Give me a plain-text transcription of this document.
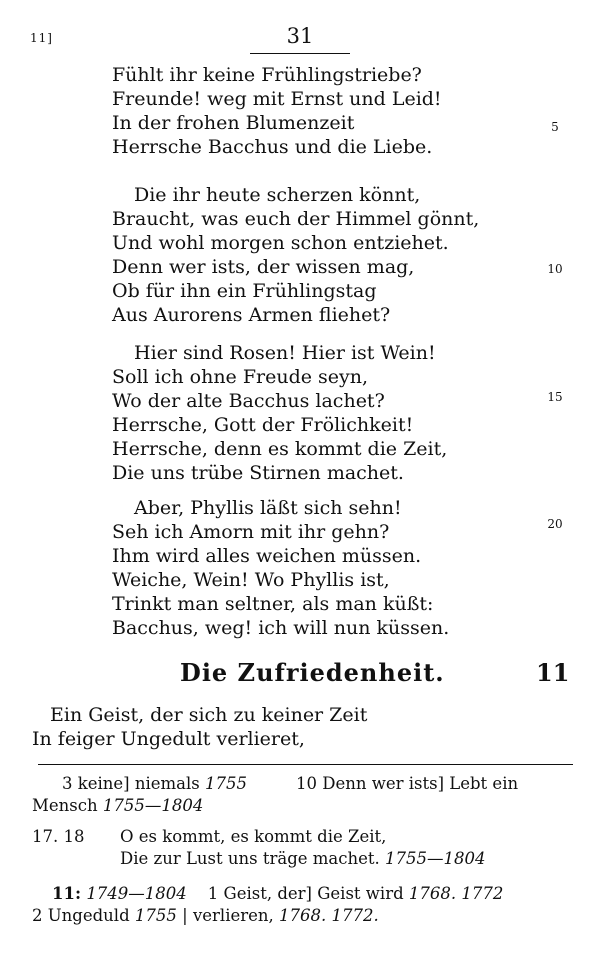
11]	31
Fühlt ihr keine Frühlingstriebe?
Freunde! weg mit Ernst und Leid!
In der frohen Blumenzeit
Herrsche Bacchus und die Liebe.
Die ihr heute scherzen könnt,
Braucht, was euch der Himmel gönnt,
Und wohl morgen schon entziehet.
Denn wer ists, der wissen mag,
Ob für ihn ein Frühlingstag
Aus Aurorens Armen fliehet?
Hier sind Rosen! Hier ist Wein!
Soll ich ohne Freude seyn,
Wo der alte Bacchus lachet?
Herrsche, Gott der Frölichkeit!
Herrsche, denn es kommt die Zeit,
Die uns trübe Stirnen machet.
Aber, Phyllis läßt sich sehn!
Seh ich Amorn mit ihr gehn?
Ihm wird alles weichen müssen.
Weiche, Wein! Wo Phyllis ist,
Trinkt man seltner, als man küßt:
Bacchus, weg! ich will nun küssen.
5
10
15
20
Die Zufriedenheit.	11
Ein Geist, der sich zu keiner Zeit
In feiger Ungedult verlieret,
3 keine] niemals 1755	10 Denn wer ists] Lebt ein
Mensch 1755—1804
17. 18 O es kommt, es kommt die Zeit,
Die zur Lust uns träge machet. 1755—1804
11: 1749—1804 1 Geist, der] Geist wird 1768. 1772
2 Ungeduld 1755 | verlieren, 1768. 1772.
